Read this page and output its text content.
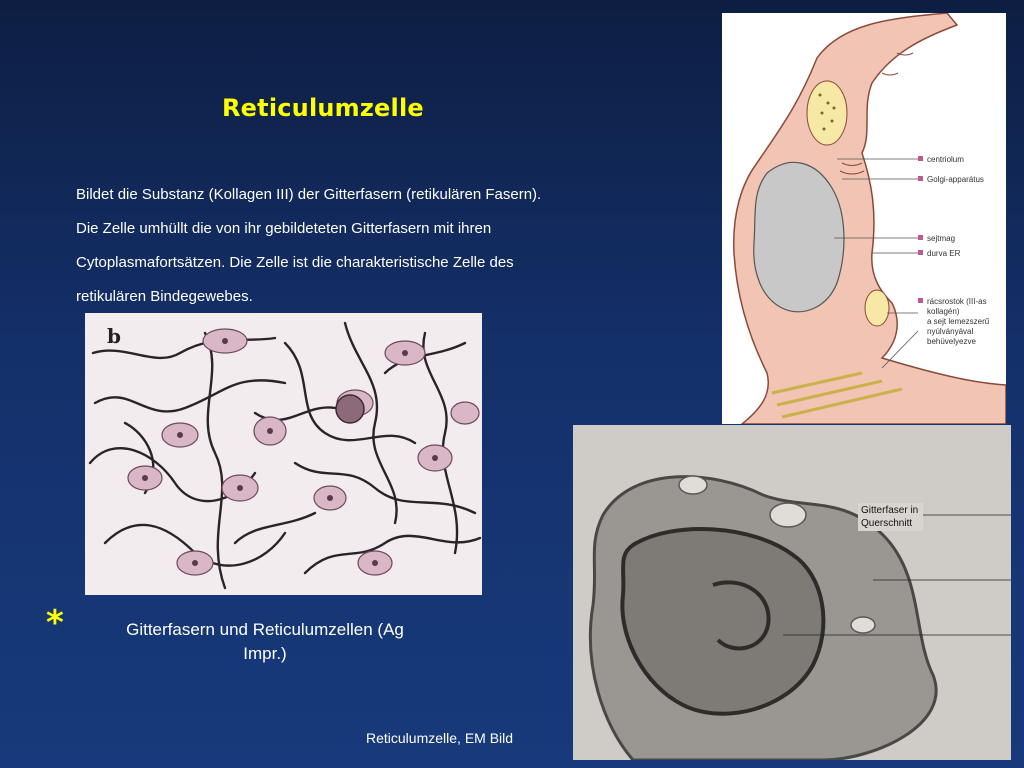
Reticulumzelle
Bildet die Substanz (Kollagen III) der Gitterfasern (retikulären Fasern).
Die Zelle umhüllt die von ihr gebildeteten Gitterfasern mit ihren
Cytoplasmafortsätzen. Die Zelle ist die charakteristische Zelle des
retikulären Bindegewebes.
b
centriolum
Golgi-apparátus
sejtmag
durva ER
rácsrostok (III-as
kollagén)
a sejt lemezszerű
nyúlványával
behüvelyezve
Gitterfaser in
Querschnitt
*	Gitterfasern und Reticulumzellen (Ag
Impr.)
Reticulumzelle, EM Bild
